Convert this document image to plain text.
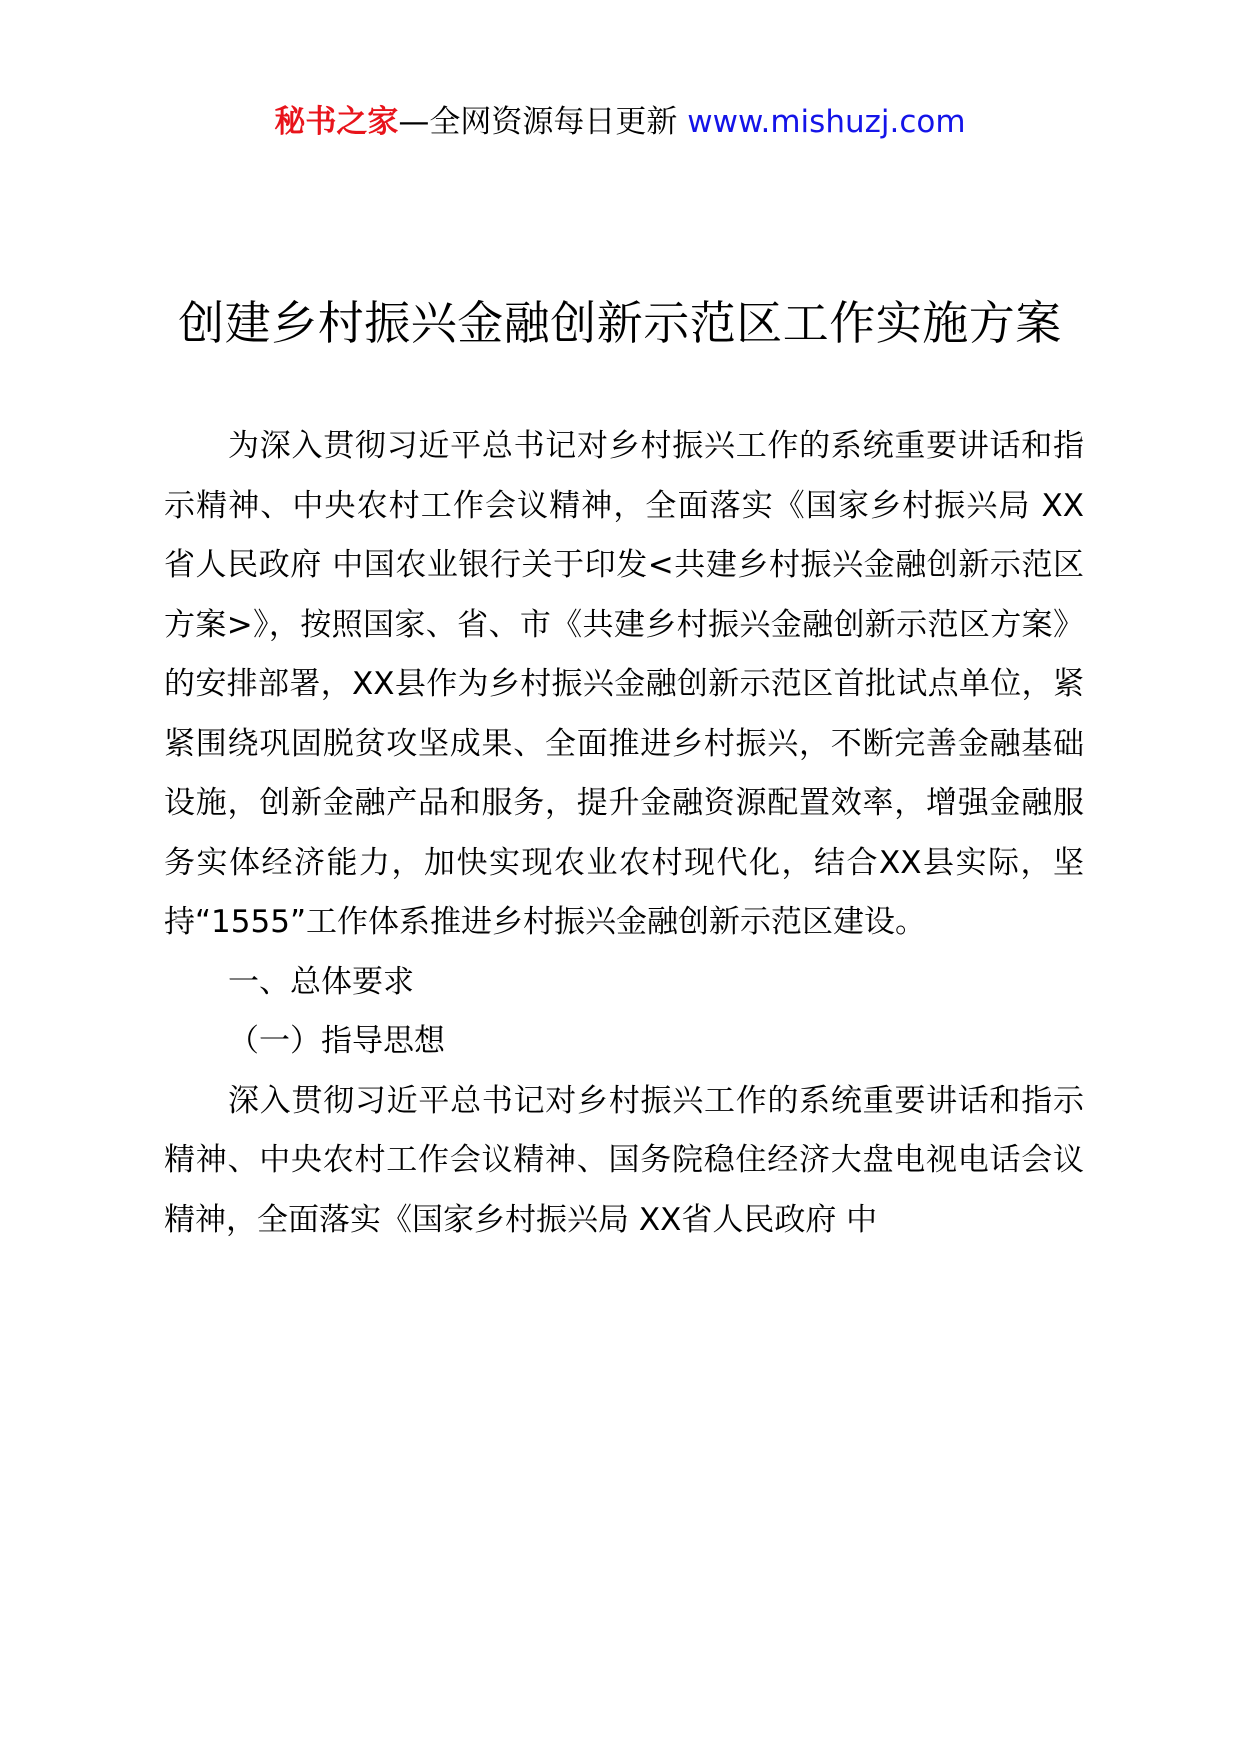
秘书之家—全网资源每日更新 www.mishuzj.com
创建乡村振兴金融创新示范区工作实施方案

为深入贯彻习近平总书记对乡村振兴工作的系统重要讲话和指示精神、中央农村工作会议精神，全面落实《国家乡村振兴局 XX省人民政府 中国农业银行关于印发<共建乡村振兴金融创新示范区方案>》，按照国家、省、市《共建乡村振兴金融创新示范区方案》的安排部署，XX县作为乡村振兴金融创新示范区首批试点单位，紧紧围绕巩固脱贫攻坚成果、全面推进乡村振兴，不断完善金融基础设施，创新金融产品和服务，提升金融资源配置效率，增强金融服务实体经济能力，加快实现农业农村现代化，结合XX县实际，坚持“1555”工作体系推进乡村振兴金融创新示范区建设。

一、总体要求

（一）指导思想

深入贯彻习近平总书记对乡村振兴工作的系统重要讲话和指示精神、中央农村工作会议精神、国务院稳住经济大盘电视电话会议精神，全面落实《国家乡村振兴局 XX省人民政府 中
